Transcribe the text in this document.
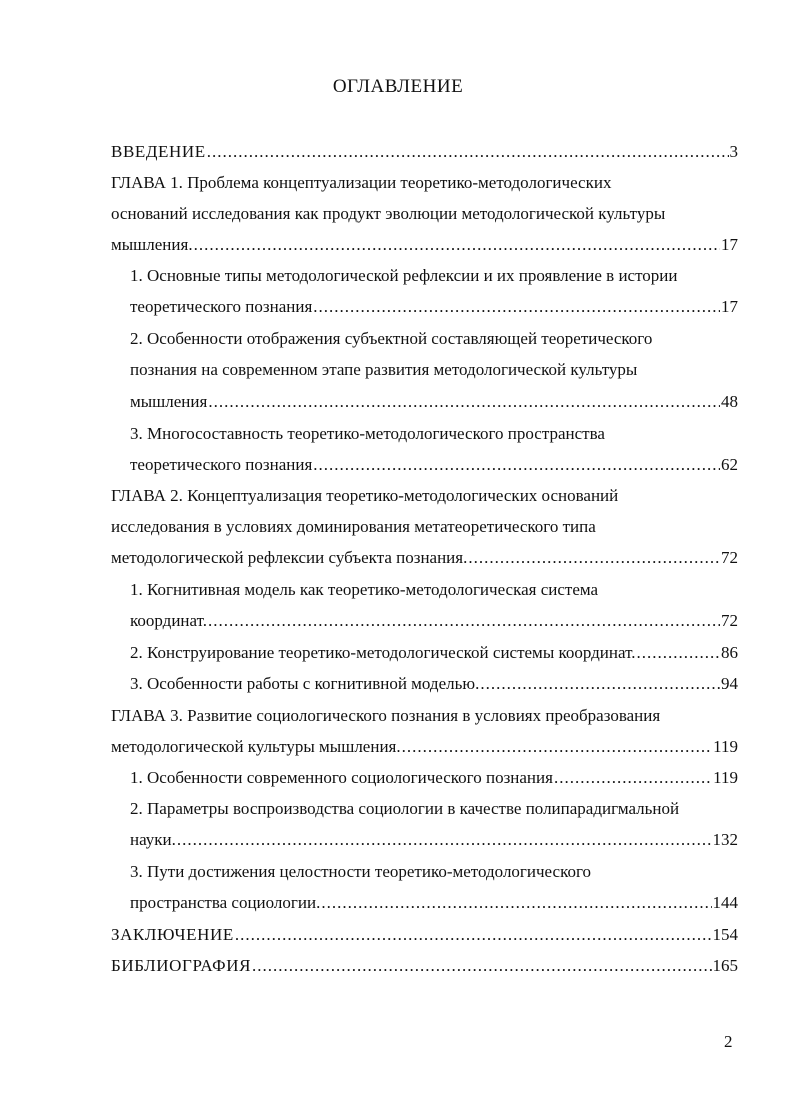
ОГЛАВЛЕНИЕ
ВВЕДЕНИЕ .....	3
ГЛАВА 1. Проблема концептуализации теоретико-методологических
оснований исследования как продукт эволюции методологической культуры
мышления. .....	17
1. Основные типы методологической рефлексии и их проявление в истории
теоретического познания .....	17
2. Особенности отображения субъектной составляющей теоретического
познания на современном этапе развития методологической культуры
мышления .....	48
3. Многосоставность теоретико-методологического пространства
теоретического познания .....	62
ГЛАВА 2. Концептуализация теоретико-методологических оснований
исследования в условиях доминирования метатеоретического типа
методологической рефлексии субъекта познания. .....	72
1. Когнитивная модель как теоретико-методологическая система
координат. .....	72
2. Конструирование теоретико-методологической системы координат. .....	86
3. Особенности работы с когнитивной моделью. .....	94
ГЛАВА 3. Развитие социологического познания в условиях преобразования
методологической культуры мышления. .....	119
1. Особенности современного социологического познания .....	119
2. Параметры воспроизводства социологии в качестве полипарадигмальной
науки. .....	132
3. Пути достижения целостности теоретико-методологического
пространства социологии. .....	144
ЗАКЛЮЧЕНИЕ .....	154
БИБЛИОГРАФИЯ .....	165
2
